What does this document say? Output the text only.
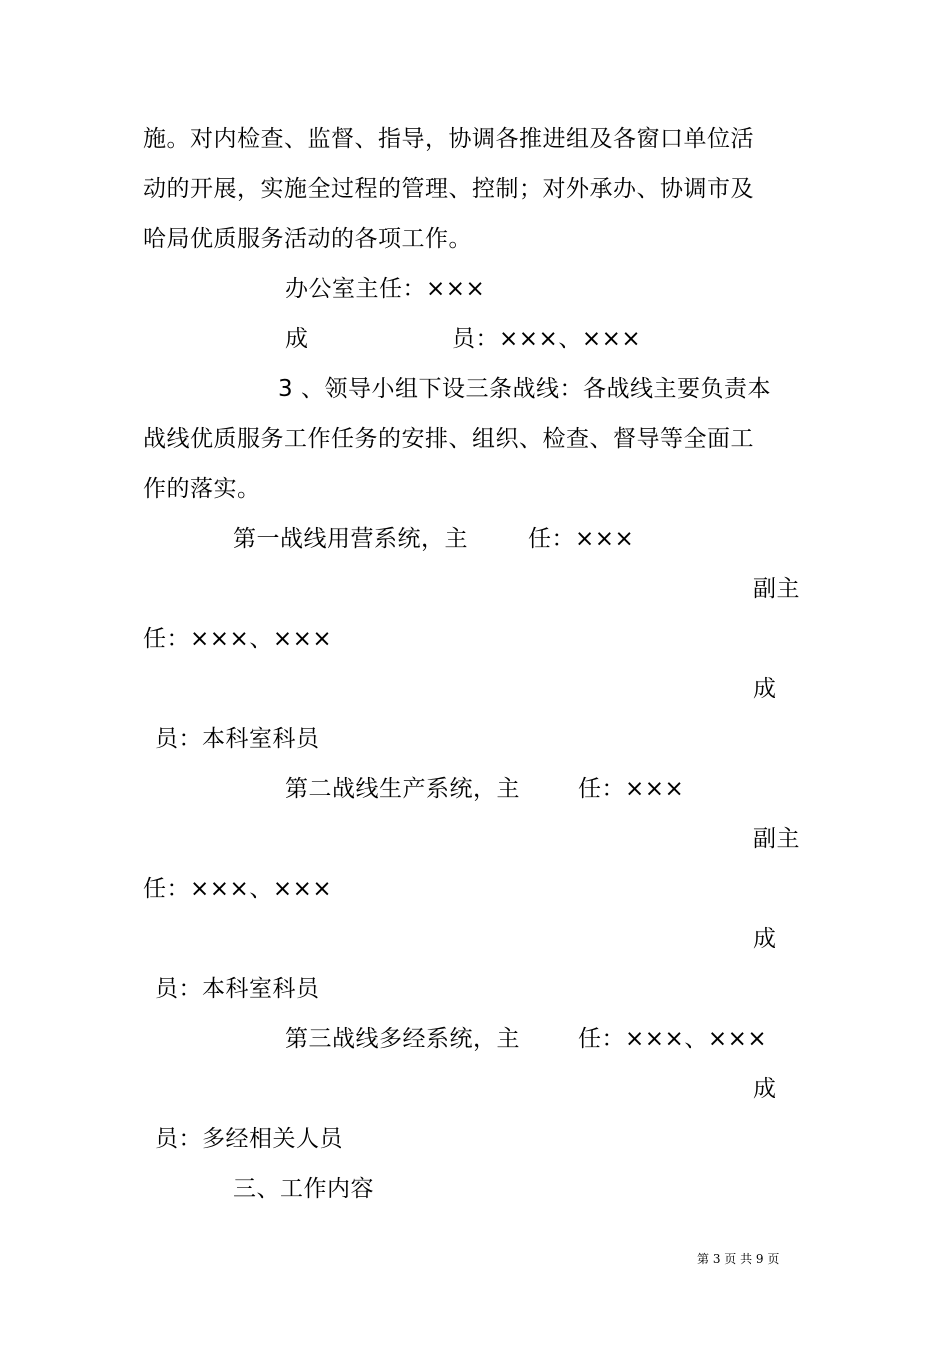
施。对内检查、监督、指导，协调各推进组及各窗口单位活
动的开展，实施全过程的管理、控制；对外承办、协调市及
哈局优质服务活动的各项工作。
办公室主任：×××
成	员：×××、×××
3 、领导小组下设三条战线：各战线主要负责本
战线优质服务工作任务的安排、组织、检查、督导等全面工
作的落实。
第一战线用营系统，主	任：×××
副主
任：×××、×××
成
员：本科室科员
第二战线生产系统，主	任：×××
副主
任：×××、×××
成
员：本科室科员
第三战线多经系统，主	任：×××、×××
成
员：多经相关人员
三、工作内容
第 3 页 共 9 页
